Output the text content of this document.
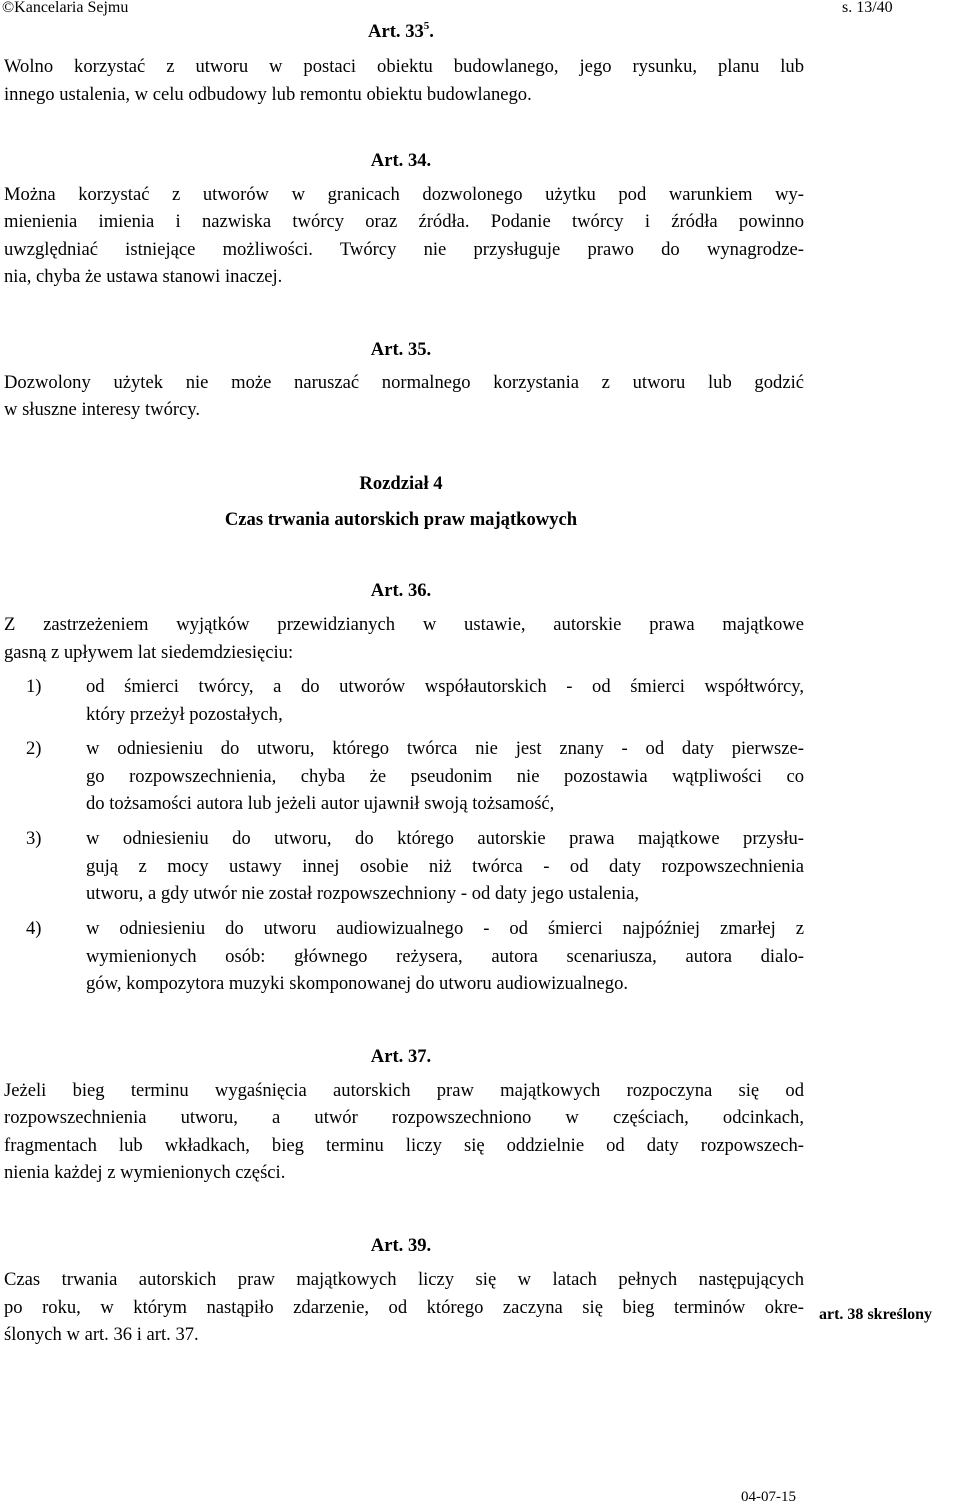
©Kancelaria Sejmu	s. 13/40
Art. $33^5$.
Wolno korzystać z utworu w postaci obiektu budowlanego, jego rysunku, planu lub
innego ustalenia, w celu odbudowy lub remontu obiektu budowlanego.
Art. 34.
Można korzystać z utworów w granicach dozwolonego użytku pod warunkiem wy-
mienienia imienia i nazwiska twórcy oraz źródła. Podanie twórcy i źródła powinno
uwzględniać istniejące możliwości. Twórcy nie przysługuje prawo do wynagrodze-
nia, chyba że ustawa stanowi inaczej.
Art. 35.
Dozwolony użytek nie może naruszać normalnego korzystania z utworu lub godzić
w słuszne interesy twórcy.
Rozdział 4
Czas trwania autorskich praw majątkowych
Art. 36.
Z zastrzeżeniem wyjątków przewidzianych w ustawie, autorskie prawa majątkowe
gasną z upływem lat siedemdziesięciu:
1) od śmierci twórcy, a do utworów współautorskich - od śmierci współtwórcy,
który przeżył pozostałych,
2) w odniesieniu do utworu, którego twórca nie jest znany - od daty pierwsze-
go rozpowszechnienia, chyba że pseudonim nie pozostawia wątpliwości co
do tożsamości autora lub jeżeli autor ujawnił swoją tożsamość,
3) w odniesieniu do utworu, do którego autorskie prawa majątkowe przysłu-
gują z mocy ustawy innej osobie niż twórca - od daty rozpowszechnienia
utworu, a gdy utwór nie został rozpowszechniony - od daty jego ustalenia,
4) w odniesieniu do utworu audiowizualnego - od śmierci najpóźniej zmarłej z
wymienionych osób: głównego reżysera, autora scenariusza, autora dialo-
gów, kompozytora muzyki skomponowanej do utworu audiowizualnego.
Art. 37.
Jeżeli bieg terminu wygaśnięcia autorskich praw majątkowych rozpoczyna się od
rozpowszechnienia utworu, a utwór rozpowszechniono w częściach, odcinkach,
fragmentach lub wkładkach, bieg terminu liczy się oddzielnie od daty rozpowszech-
nienia każdej z wymienionych części.
Art. 39.
Czas trwania autorskich praw majątkowych liczy się w latach pełnych następujących
po roku, w którym nastąpiło zdarzenie, od którego zaczyna się bieg terminów okre-
ślonych w art. 36 i art. 37.
art. 38 skreślony
04-07-15
